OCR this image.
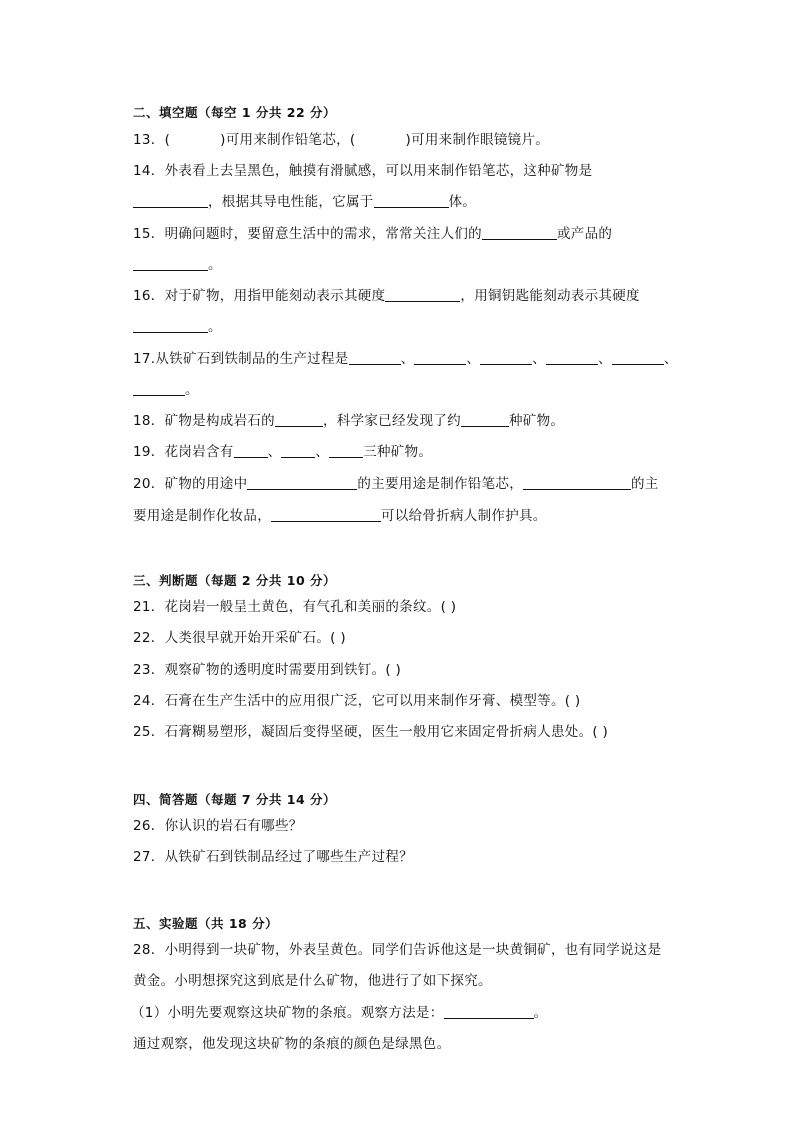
二、填空题（每空 1 分共 22 分）
13．(	)可用来制作铅笔芯，(	)可用来制作眼镜镜片。
14．外表看上去呈黑色，触摸有滑腻感，可以用来制作铅笔芯，这种矿物是
，根据其导电性能，它属于	体。
15．明确问题时，要留意生活中的需求，常常关注人们的	或产品的
。
16．对于矿物，用指甲能刻动表示其硬度	，用铜钥匙能刻动表示其硬度
。
17.从铁矿石到铁制品的生产过程是	、	、	、	、	、
。
18．矿物是构成岩石的	，科学家已经发现了约	种矿物。
19．花岗岩含有	、	、	三种矿物。
20．矿物的用途中	的主要用途是制作铅笔芯，	的主
要用途是制作化妆品，	可以给骨折病人制作护具。
三、判断题（每题 2 分共 10 分）
21．花岗岩一般呈土黄色，有气孔和美丽的条纹。( )
22．人类很早就开始开采矿石。( )
23．观察矿物的透明度时需要用到铁钉。( )
24．石膏在生产生活中的应用很广泛，它可以用来制作牙膏、模型等。( )
25．石膏糊易塑形，凝固后变得坚硬，医生一般用它来固定骨折病人患处。( )
四、简答题（每题 7 分共 14 分）
26．你认识的岩石有哪些？
27．从铁矿石到铁制品经过了哪些生产过程？
五、实验题（共 18 分）
28．小明得到一块矿物，外表呈黄色。同学们告诉他这是一块黄铜矿，也有同学说这是
黄金。小明想探究这到底是什么矿物，他进行了如下探究。
（1）小明先要观察这块矿物的条痕。观察方法是：	。
通过观察，他发现这块矿物的条痕的颜色是绿黑色。
